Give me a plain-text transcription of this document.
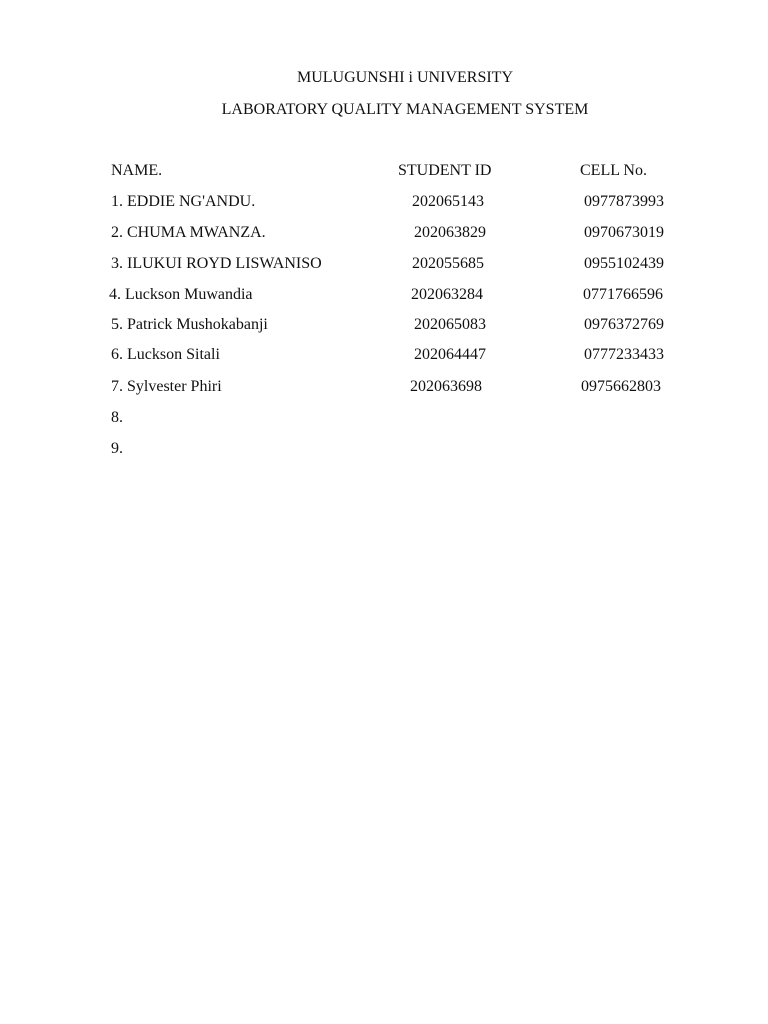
MULUGUNSHI i UNIVERSITY
LABORATORY QUALITY MANAGEMENT SYSTEM
NAME.	STUDENT ID	CELL No.
1. EDDIE NG'ANDU.	202065143	0977873993
2. CHUMA MWANZA.	202063829	0970673019
3. ILUKUI ROYD LISWANISO	202055685	0955102439
4. Luckson Muwandia	202063284	0771766596
5. Patrick Mushokabanji	202065083	0976372769
6. Luckson Sitali	202064447	0777233433
7. Sylvester Phiri	202063698	0975662803
8.
9.
